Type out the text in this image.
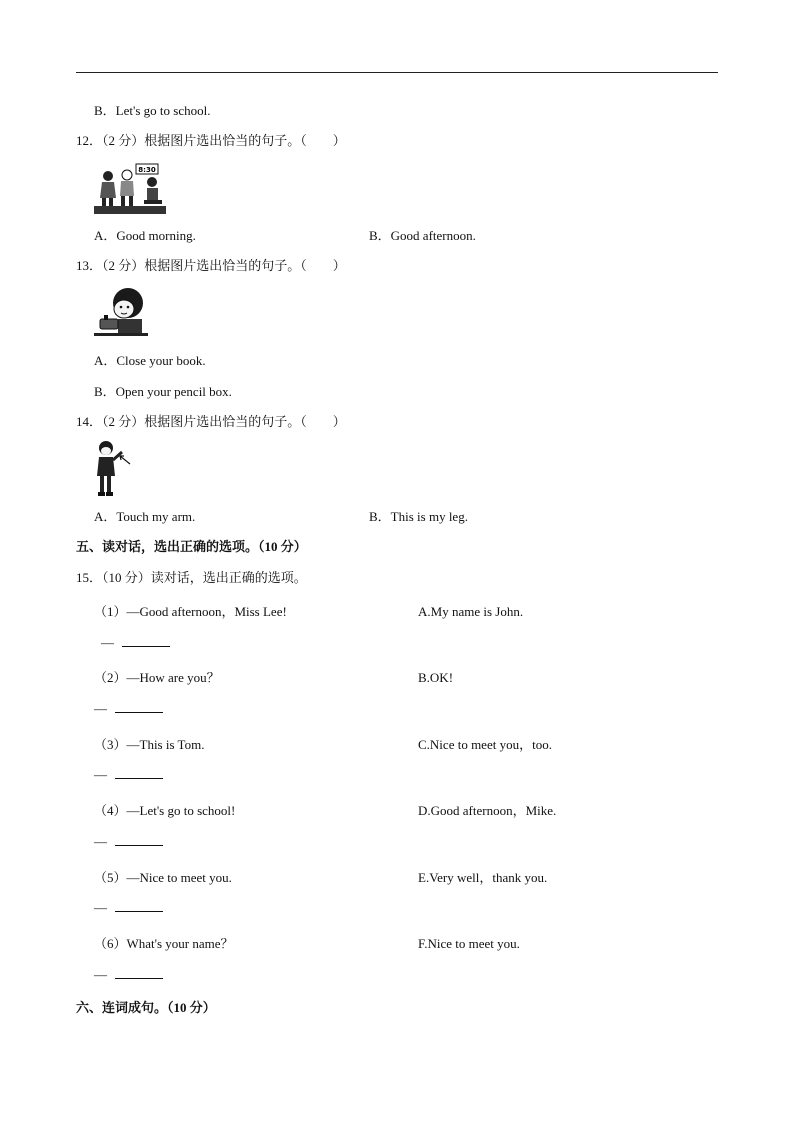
B．Let's go to school.
12．（2 分）根据图片选出恰当的句子。（　　）
8:30
A．Good morning.	B．Good afternoon.
13．（2 分）根据图片选出恰当的句子。（　　）
A．Close your book.
B．Open your pencil box.
14．（2 分）根据图片选出恰当的句子。（　　）
A．Touch my arm.	B．This is my leg.
五、读对话，选出正确的选项。（10 分）
15．（10 分）读对话，选出正确的选项。
（1）—Good afternoon，Miss Lee!	A.My name is John.
—
（2）—How are you？	B.OK!
—
（3）—This is Tom.	C.Nice to meet you，too.
—
（4）—Let's go to school!	D.Good afternoon，Mike.
—
（5）—Nice to meet you.	E.Very well，thank you.
—
（6）What's your name？	F.Nice to meet you.
—
六、连词成句。（10 分）
